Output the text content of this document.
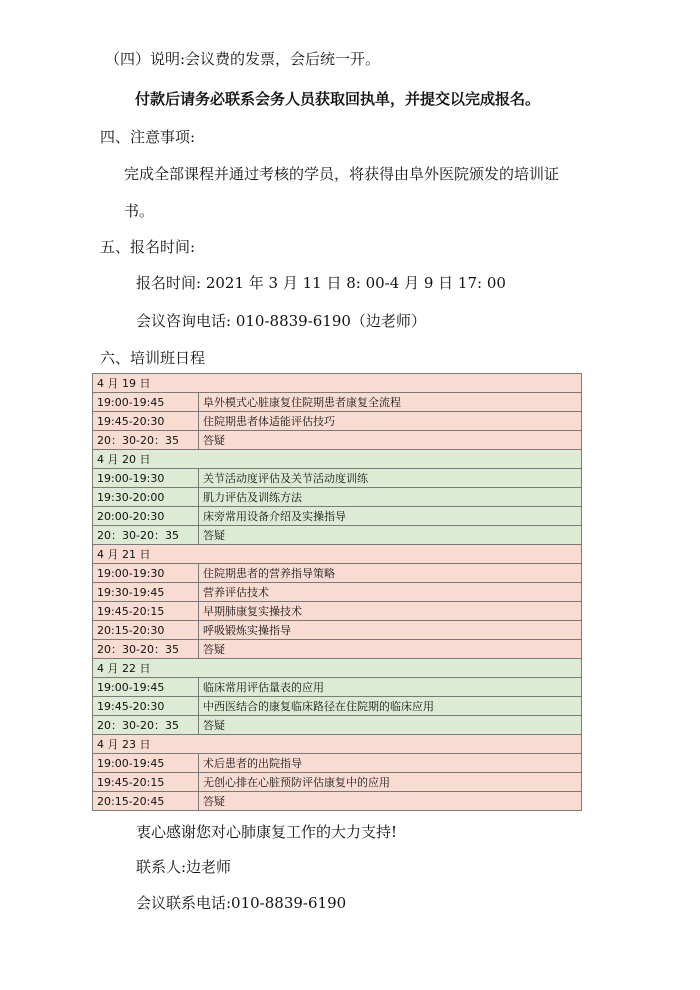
（四）说明:会议费的发票，会后统一开。
付款后请务必联系会务人员获取回执单，并提交以完成报名。
四、注意事项:
完成全部课程并通过考核的学员，将获得由阜外医院颁发的培训证
书。
五、报名时间:
报名时间: 2021 年 3 月 11 日 8: 00-4 月 9 日 17: 00
会议咨询电话: 010-8839-6190（边老师）
六、培训班日程
4 月 19 日	
19:00-19:45	阜外模式心脏康复住院期患者康复全流程
19:45-20:30	住院期患者体适能评估技巧
20：30-20：35	答疑
4 月 20 日	
19:00-19:30	关节活动度评估及关节活动度训练
19:30-20:00	肌力评估及训练方法
20:00-20:30	床旁常用设备介绍及实操指导
20：30-20：35	答疑
4 月 21 日	
19:00-19:30	住院期患者的营养指导策略
19:30-19:45	营养评估技术
19:45-20:15	早期肺康复实操技术
20:15-20:30	呼吸锻炼实操指导
20：30-20：35	答疑
4 月 22 日	
19:00-19:45	临床常用评估量表的应用
19:45-20:30	中西医结合的康复临床路径在住院期的临床应用
20：30-20：35	答疑
4 月 23 日	
19:00-19:45	术后患者的出院指导
19:45-20:15	无创心排在心脏预防评估康复中的应用
20:15-20:45	答疑
衷心感谢您对心肺康复工作的大力支持!
联系人:边老师
会议联系电话:010-8839-6190
